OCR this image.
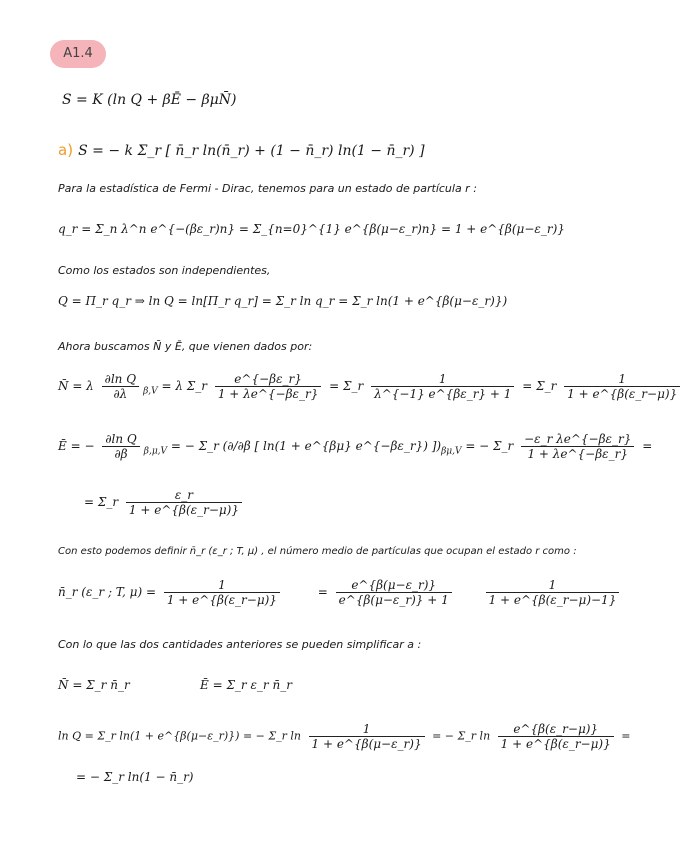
A1.4
S = K (ln Q + βĒ − βμN̄)
a) S = − k Σ_r [ n̄_r ln(n̄_r) + (1 − n̄_r) ln(1 − n̄_r) ]
Para la estadística de Fermi - Dirac, tenemos para un estado de partícula r :
q_r = Σ_n λ^n e^{−(βε_r)n} = Σ_{n=0}^{1} e^{β(μ−ε_r)n} = 1 + e^{β(μ−ε_r)}
Como los estados son independientes,
Q = Π_r q_r ⇒ ln Q = ln[Π_r q_r] = Σ_r ln q_r = Σ_r ln(1 + e^{β(μ−ε_r)})
Ahora buscamos N̄ y Ē, que vienen dados por:
N̄ = λ $\frac{\text{∂ln Q}}{\partial\lambda} _{\beta,V} = \lambda$ Σ_r $\frac{e\^{}\{-\beta\varepsilon\_r\}}{1 + \lambda e\^{}\{-\beta\varepsilon\_r\}}$ = Σ_r $\frac{1}{\lambda\^{}\{-1\} e\^{}\{\beta\varepsilon\_r\} + 1}$ = Σ_r $\frac{1}{1 + e\^{}\{\beta(\varepsilon\_r-\mu)\}}$
Ē = − $\frac{\text{∂ln Q}}{\partial\beta} _{\beta,\mu,V}$ = − Σ_r (∂/∂β [ ln(1 + e^{βμ} e^{−βε_r}) ])$_{\beta\mu,V}$ = − Σ_r $\frac{\text{−ε\_r λe\textasciicircum{}\{−βε\_r\}}}{1 + \lambda e\^{}\{-\beta\varepsilon\_r\}}$ =
= Σ_r $\frac{\varepsilon\_r}{1 + e\^{}\{\beta(\varepsilon\_r-\mu)\}}$
Con esto podemos definir n̄_r (ε_r ; T, μ) , el número medio de partículas que ocupan el estado r como :
n̄_r (ε_r ; T, $\mu) = \frac{1}{1 + e\^{}\{\beta(\varepsilon\_r-\mu)\}}$	= $\frac{e\^{}\{\beta(\mu-\varepsilon\_r)\}}{e\^{}\{\beta(\mu-\varepsilon\_r)\} + 1}$
	$\frac{1}{1 + e\^{}\{\beta(\varepsilon\_r-\mu)-1\}}$
Con lo que las dos cantidades anteriores se pueden simplificar a :
N̄ = Σ_r n̄_r	Ē = Σ_r ε_r n̄_r
ln Q = Σ_r ln(1 + e^{β(μ−ε_r)}) = − Σ_r $\ln \frac{1}{1 + e\^{}\{\beta(\mu-\varepsilon\_r)\}}$ = − Σ_r $\ln \frac{e\^{}\{\beta(\varepsilon\_r-\mu)\}}{1 + e\^{}\{\beta(\varepsilon\_r-\mu)\}}$ =
= − Σ_r ln(1 − n̄_r)
